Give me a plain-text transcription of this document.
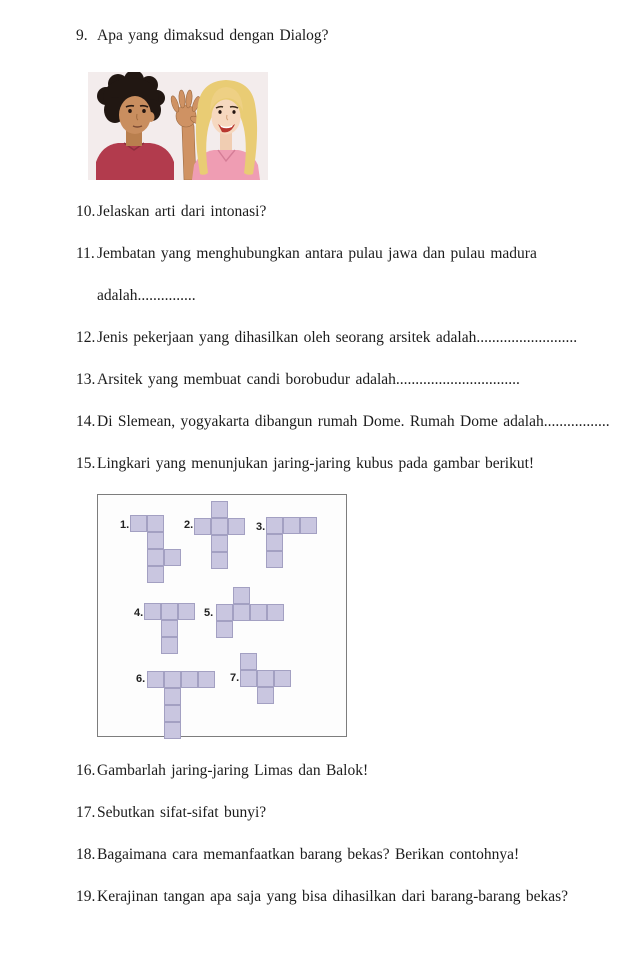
9. Apa yang dimaksud dengan Dialog?
10. Jelaskan arti dari intonasi?
11. Jembatan yang menghubungkan antara pulau jawa dan pulau madura
adalah...............
12. Jenis pekerjaan yang dihasilkan oleh seorang arsitek adalah..........................
13. Arsitek yang membuat candi borobudur adalah................................
14. Di Slemean, yogyakarta dibangun rumah Dome. Rumah Dome adalah.................
15. Lingkari yang menunjukan jaring-jaring kubus pada gambar berikut!
1.	2.	3.
4.	5.
6.	7.
16. Gambarlah jaring-jaring Limas dan Balok!
17. Sebutkan sifat-sifat bunyi?
18. Bagaimana cara memanfaatkan barang bekas? Berikan contohnya!
19. Kerajinan tangan apa saja yang bisa dihasilkan dari barang-barang bekas?
